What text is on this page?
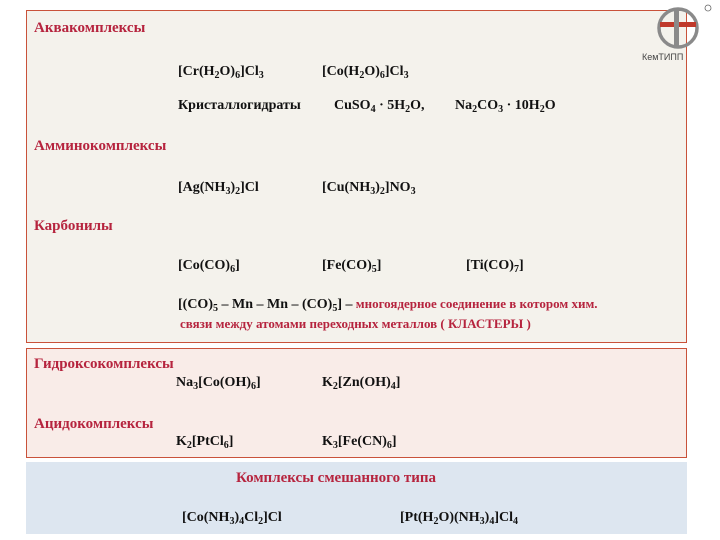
КемТИПП
Аквакомплексы
$[Cr(H_2O)_6]Cl_3$	$[Co(H_2O)_6]Cl_3$
Кристаллогидраты CuSO$_4$ · $5H_2O$, $Na_2CO_3 \cdot 10H_2O$
Амминокомплексы
$[Ag(NH_3)_2]Cl$	$[Cu(NH_3)_2]NO_3$
Карбонилы
$[Co(CO)_6]$	$[Fe(CO)_5]$	$[Ti(CO)_7]$
[$(CO)_5$ – Mn – Mn – $(CO)_5$] – многоядерное соединение в котором хим.
связи между атомами переходных металлов ( КЛАСТЕРЫ )
Гидроксокомплексы
$Na_3[Co(OH)_6]$	$K_2[Zn(OH)_4]$
Ацидокомплексы
$K_2[PtCl_6]$	$K_3[Fe(CN)_6]$
Комплексы смешанного типа
$[Co(NH_3)_4Cl_2]Cl$	$[Pt(H_2O)(NH_3)_4]Cl_4$
